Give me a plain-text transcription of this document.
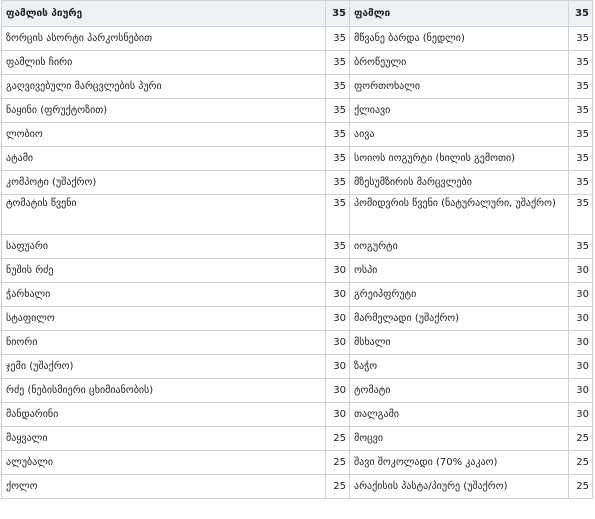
ფამლის პიურე	35	ფამლი	35
ზორცის ასორტი პარკოსნებით	35	მწვანე ბარდა (ნედლი)	35
ფამლის ჩირი	35	ბროწეული	35
გაღვივებული მარცვლების პური	35	ფორთოხალი	35
ნაყინი (ფრუქტოზით)	35	ქლიავი	35
ლობიო	35	აივა	35
ატამი	35	სოიოს იოგურტი (ხილის გემოთი)	35
კომპოტი (უშაქრო)	35	მზესუმზირის მარცვლები	35
ტომატის წვენი	35	პომიდვრის წვენი (ნატურალური, უშაქრო)	35
საფუარი	35	იოგურტი	35
ნუშის რძე	30	ოსპი	30
ჭარხალი	30	გრეიპფრუტი	30
სტაფილო	30	მარმელადი (უშაქრო)	30
ნიორი	30	მსხალი	30
ჯემი (უშაქრო)	30	ზაჭო	30
რძე (ნებისმიერი ცხიმიანობის)	30	ტომატი	30
მანდარინი	30	თალგამი	30
მაყვალი	25	მოცვი	25
ალუბალი	25	შავი შოკოლადი (70% კაკაო)	25
ქოლო	25	არაქისის პასტა/პიურე (უშაქრო)	25
